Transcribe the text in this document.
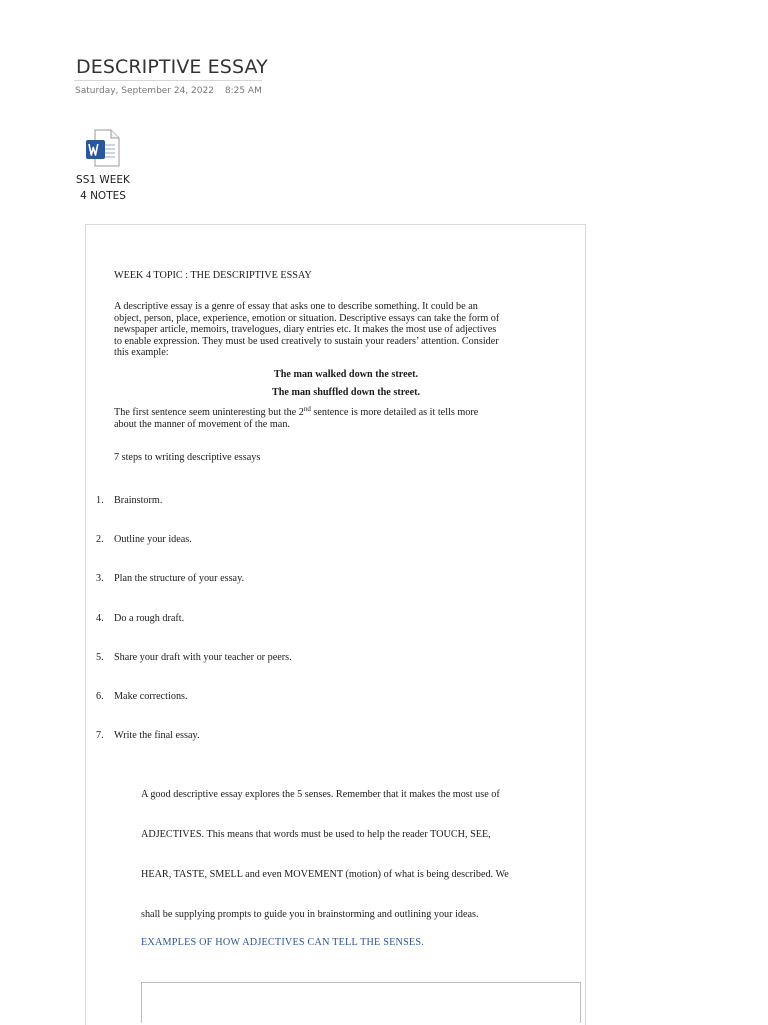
DESCRIPTIVE ESSAY
Saturday, September 24, 2022 8:25 AM
SS1 WEEK 4 NOTES
WEEK 4 TOPIC : THE DESCRIPTIVE ESSAY
A descriptive essay is a genre of essay that asks one to describe something. It could be an
object, person, place, experience, emotion or situation. Descriptive essays can take the form of
newspaper article, memoirs, travelogues, diary entries etc. It makes the most use of adjectives
to enable expression. They must be used creatively to sustain your readers’ attention. Consider
this example:
The man walked down the street.
The man shuffled down the street.
The first sentence seem uninteresting but the 2nd sentence is more detailed as it tells more
about the manner of movement of the man.
7 steps to writing descriptive essays
1. Brainstorm.
2. Outline your ideas.
3. Plan the structure of your essay.
4. Do a rough draft.
5. Share your draft with your teacher or peers.
6. Make corrections.
7. Write the final essay.
A good descriptive essay explores the 5 senses. Remember that it makes the most use of
ADJECTIVES. This means that words must be used to help the reader TOUCH, SEE,
HEAR, TASTE, SMELL and even MOVEMENT (motion) of what is being described. We
shall be supplying prompts to guide you in brainstorming and outlining your ideas.
EXAMPLES OF HOW ADJECTIVES CAN TELL THE SENSES.
